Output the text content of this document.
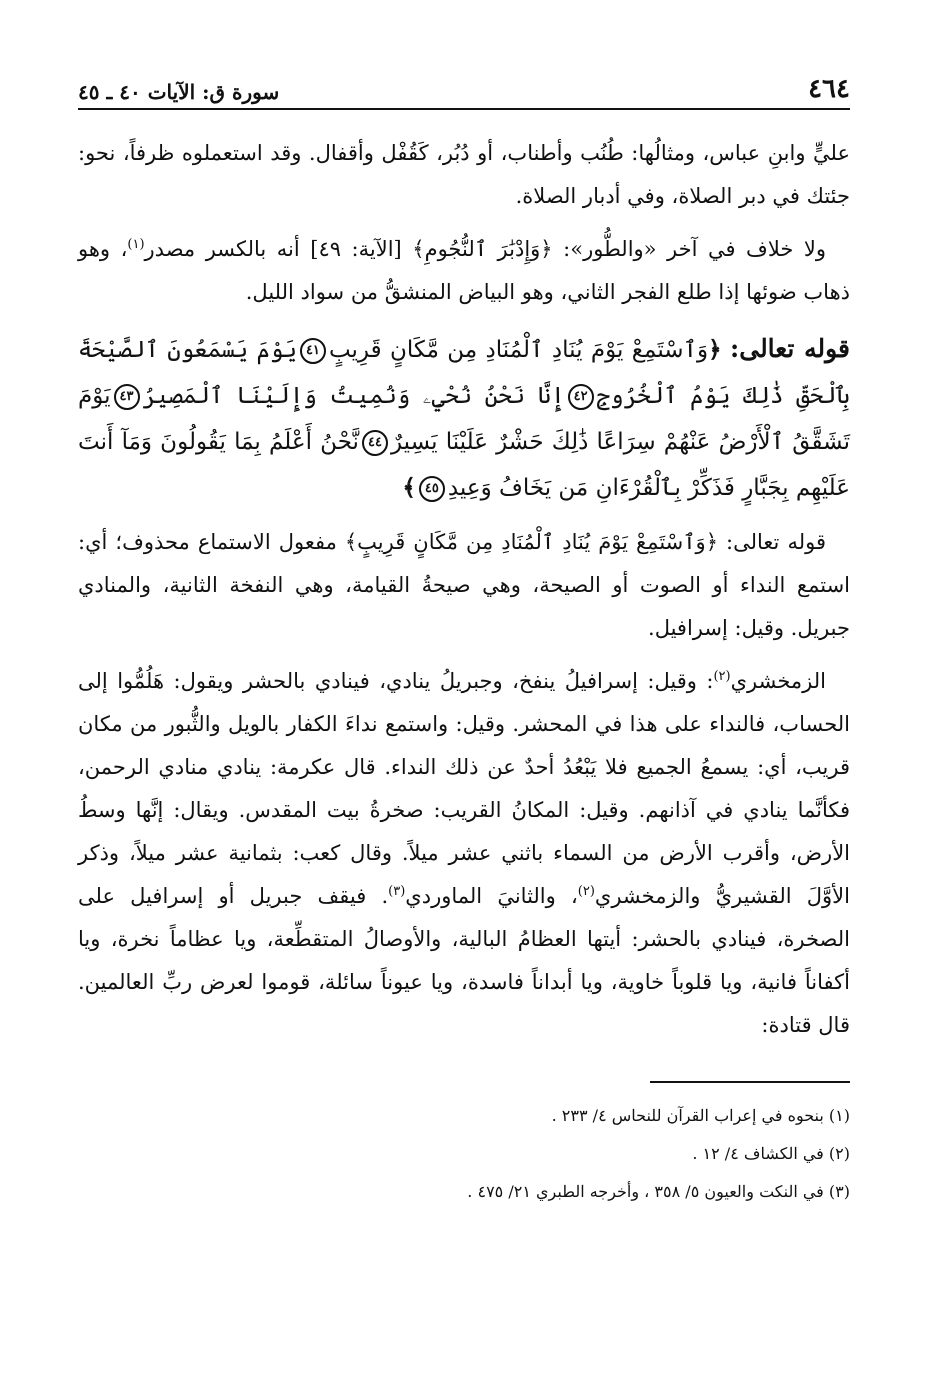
٤٦٤
سورة ق: الآيات ٤٠ ـ ٤٥

عليٍّ وابنِ عباس، ومثالُها: طُنُب وأطناب، أو دُبُر، كَقُفْل وأقفال. وقد استعملوه ظرفاً، نحو: جئتك في دبر الصلاة، وفي أدبار الصلاة.

ولا خلاف في آخر «والطُّور»: ﴿وَإِدْبَٰرَ ٱلنُّجُومِ﴾ [الآية: ٤٩] أنه بالكسر مصدر$^{(١)}$، وهو ذهاب ضوئها إذا طلع الفجر الثاني، وهو البياض المنشقُّ من سواد الليل.

قوله تعالى: ﴿وَٱسْتَمِعْ يَوْمَ يُنَادِ ٱلْمُنَادِ مِن مَّكَانٍ قَرِيبٍ٤١يَوْمَ يَسْمَعُونَ ٱلصَّيْحَةَ بِٱلْحَقِّ ذَٰلِكَ يَوْمُ ٱلْخُرُوجِ٤٢إِنَّا نَحْنُ نُحْيِۦ وَنُمِيتُ وَإِلَيْنَا ٱلْمَصِيرُ٤٣يَوْمَ تَشَقَّقُ ٱلْأَرْضُ عَنْهُمْ سِرَاعًا ذَٰلِكَ حَشْرٌ عَلَيْنَا يَسِيرٌ٤٤نَّحْنُ أَعْلَمُ بِمَا يَقُولُونَ وَمَآ أَنتَ عَلَيْهِم بِجَبَّارٍ فَذَكِّرْ بِٱلْقُرْءَانِ مَن يَخَافُ وَعِيدِ٤٥﴾

قوله تعالى: ﴿وَٱسْتَمِعْ يَوْمَ يُنَادِ ٱلْمُنَادِ مِن مَّكَانٍ قَرِيبٍ﴾ مفعول الاستماع محذوف؛ أي: استمع النداء أو الصوت أو الصيحة، وهي صيحةُ القيامة، وهي النفخة الثانية، والمنادي جبريل. وقيل: إسرافيل.

الزمخشري$^{(٢)}$: وقيل: إسرافيلُ ينفخ، وجبريلُ ينادي، فينادي بالحشر ويقول: هَلُمُّوا إلى الحساب، فالنداء على هذا في المحشر. وقيل: واستمع نداءَ الكفار بالويل والثُّبور من مكان قريب، أي: يسمعُ الجميع فلا يَبْعُدُ أحدٌ عن ذلك النداء. قال عكرمة: ينادي منادي الرحمن، فكأنَّما ينادي في آذانهم. وقيل: المكانُ القريب: صخرةُ بيت المقدس. ويقال: إنَّها وسطُ الأرض، وأقرب الأرض من السماء باثني عشر ميلاً. وقال كعب: بثمانية عشر ميلاً، وذكر الأوَّلَ القشيريُّ والزمخشري$^{(٢)}$، والثانيَ الماوردي$^{(٣)}$. فيقف جبريل أو إسرافيل على الصخرة، فينادي بالحشر: أيتها العظامُ البالية، والأوصالُ المتقطِّعة، ويا عظاماً نخرة، ويا أكفاناً فانية، ويا قلوباً خاوية، ويا أبداناً فاسدة، ويا عيوناً سائلة، قوموا لعرض ربِّ العالمين. قال قتادة:

(١) بنحوه في إعراب القرآن للنحاس ٤/ ٢٣٣ .

(٢) في الكشاف ٤/ ١٢ .

(٣) في النكت والعيون ٥/ ٣٥٨ ، وأخرجه الطبري ٢١/ ٤٧٥ .
